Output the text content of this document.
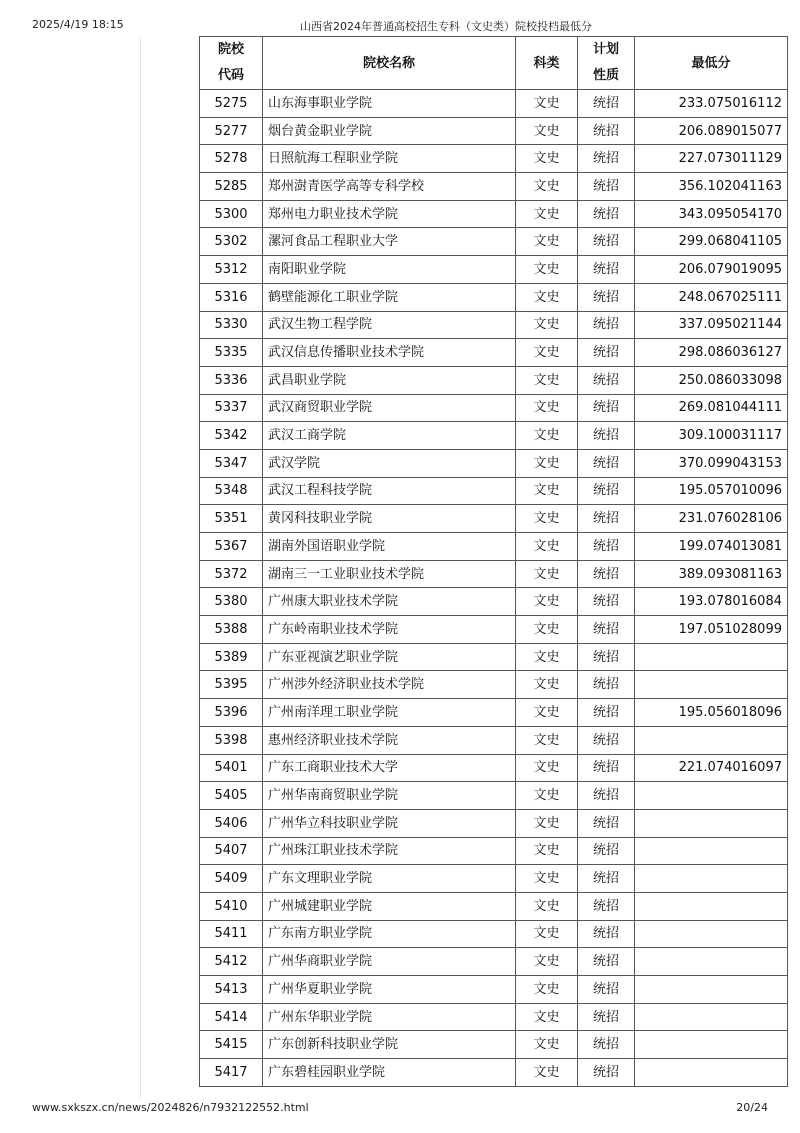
2025/4/19 18:15	山西省2024年普通高校招生专科（文史类）院校投档最低分
院校
代码	院校名称	科类	计划
性质	最低分
5275	山东海事职业学院	文史	统招	233.075016112
5277	烟台黄金职业学院	文史	统招	206.089015077
5278	日照航海工程职业学院	文史	统招	227.073011129
5285	郑州澍青医学高等专科学校	文史	统招	356.102041163
5300	郑州电力职业技术学院	文史	统招	343.095054170
5302	漯河食品工程职业大学	文史	统招	299.068041105
5312	南阳职业学院	文史	统招	206.079019095
5316	鹤壁能源化工职业学院	文史	统招	248.067025111
5330	武汉生物工程学院	文史	统招	337.095021144
5335	武汉信息传播职业技术学院	文史	统招	298.086036127
5336	武昌职业学院	文史	统招	250.086033098
5337	武汉商贸职业学院	文史	统招	269.081044111
5342	武汉工商学院	文史	统招	309.100031117
5347	武汉学院	文史	统招	370.099043153
5348	武汉工程科技学院	文史	统招	195.057010096
5351	黄冈科技职业学院	文史	统招	231.076028106
5367	湖南外国语职业学院	文史	统招	199.074013081
5372	湖南三一工业职业技术学院	文史	统招	389.093081163
5380	广州康大职业技术学院	文史	统招	193.078016084
5388	广东岭南职业技术学院	文史	统招	197.051028099
5389	广东亚视演艺职业学院	文史	统招	
5395	广州涉外经济职业技术学院	文史	统招	
5396	广州南洋理工职业学院	文史	统招	195.056018096
5398	惠州经济职业技术学院	文史	统招	
5401	广东工商职业技术大学	文史	统招	221.074016097
5405	广州华南商贸职业学院	文史	统招	
5406	广州华立科技职业学院	文史	统招	
5407	广州珠江职业技术学院	文史	统招	
5409	广东文理职业学院	文史	统招	
5410	广州城建职业学院	文史	统招	
5411	广东南方职业学院	文史	统招	
5412	广州华商职业学院	文史	统招	
5413	广州华夏职业学院	文史	统招	
5414	广州东华职业学院	文史	统招	
5415	广东创新科技职业学院	文史	统招	
5417	广东碧桂园职业学院	文史	统招	
www.sxkszx.cn/news/2024826/n7932122552.html	20/24
